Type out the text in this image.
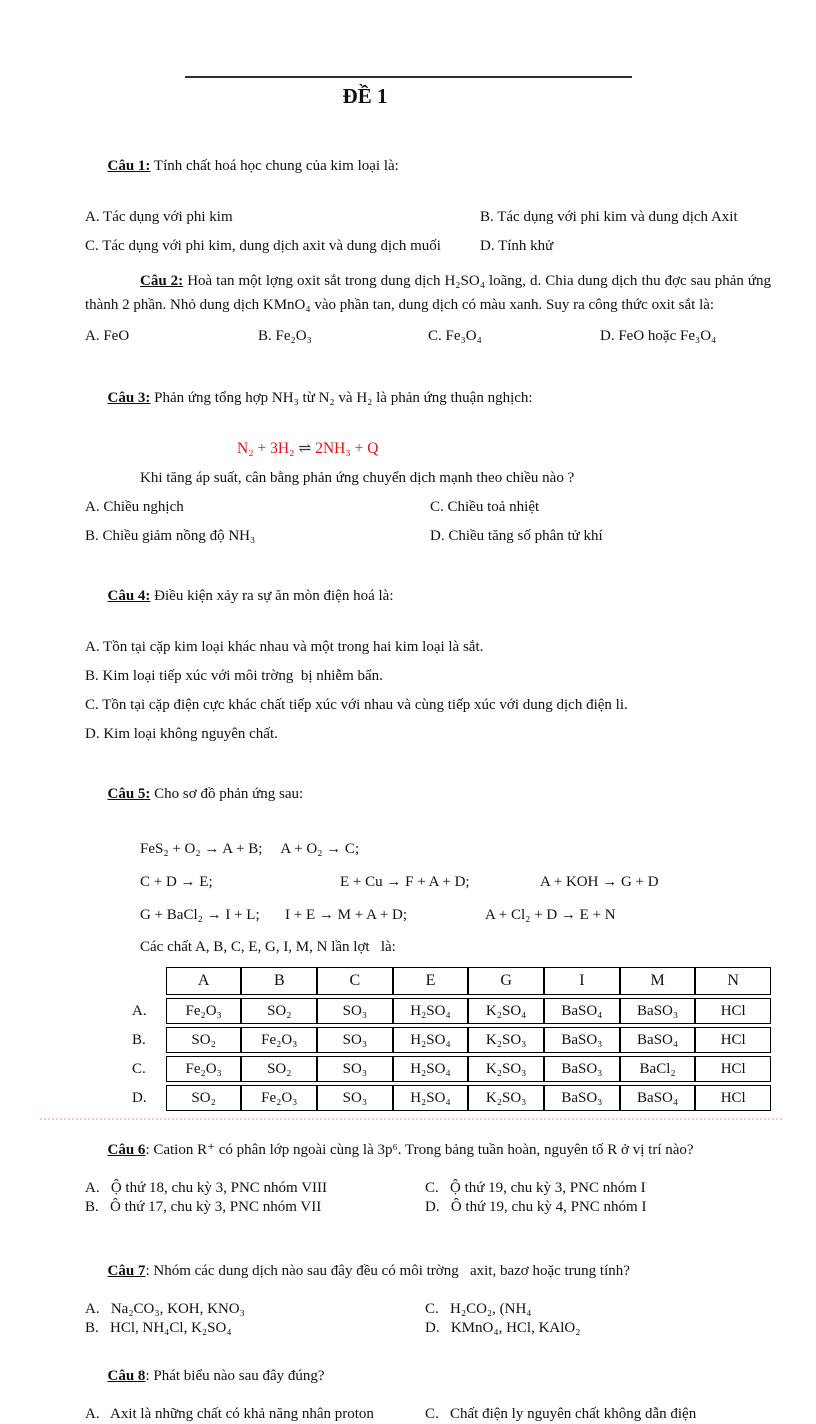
ĐỀ 1

Câu 1: Tính chất hoá học chung của kim loại là:

A. Tác dụng với phi kim	B. Tác dụng với phi kim và dung dịch Axit
C. Tác dụng với phi kim, dung dịch axit và dung dịch muối	D. Tính khử

Câu 2: Hoà tan một lợng oxit sắt trong dung dịch H₂SO₄ loãng, d. Chia dung dịch thu đợc sau phản ứng thành 2 phần. Nhỏ dung dịch KMnO₄ vào phần tan, dung dịch có màu xanh. Suy ra công thức oxit sắt là:

A. FeO	B. Fe₂O₃	C. Fe₃O₄	D. FeO hoặc Fe₃O₄

Câu 3: Phản ứng tổng hợp NH₃ từ N₂ và H₂ là phản ứng thuận nghịch:

N₂ + 3H₂ ⇌ 2NH₃ + Q

Khi tăng áp suất, cân bằng phản ứng chuyển dịch mạnh theo chiều nào ?

A. Chiều nghịch	C. Chiều toả nhiệt
B. Chiều giảm nồng độ NH₃	D. Chiều tăng số phân tử khí

Câu 4: Điều kiện xảy ra sự ăn mòn điện hoá là:

A. Tồn tại cặp kim loại khác nhau và một trong hai kim loại là sắt.
B. Kim loại tiếp xúc với môi trờng  bị nhiễm bẩn.
C. Tồn tại cặp điện cực khác chất tiếp xúc với nhau và cùng tiếp xúc với dung dịch điện li.
D. Kim loại không nguyên chất.

Câu 5: Cho sơ đồ phản ứng sau:

FeS₂ + O₂ → A + B; A + O₂ → C;
C + D → E;	E + Cu → F + A + D;	A + KOH → G + D
G + BaCl₂ → I + L;	I + E → M + A + D;	A + Cl₂ + D → E + N

Các chất A, B, C, E, G, I, M, N lần lợt   là:

	A	B	C	E	G	I	M	N
A.	Fe₂O₃	SO₂	SO₃	H₂SO₄	K₂SO₄	BaSO₄	BaSO₃	HCl
B.	SO₂	Fe₂O₃	SO₃	H₂SO₄	K₂SO₃	BaSO₃	BaSO₄	HCl
C.	Fe₂O₃	SO₂	SO₃	H₂SO₄	K₂SO₃	BaSO₃	BaCl₂	HCl
D.	SO₂	Fe₂O₃	SO₃	H₂SO₄	K₂SO₃	BaSO₃	BaSO₄	HCl

Câu 6: Cation R⁺ có phân lớp ngoài cùng là 3p⁶. Trong bảng tuần hoàn, nguyên tố R ở vị trí nào?

A.   Ộ thứ 18, chu kỳ 3, PNC nhóm VIII	C.   Ộ thứ 19, chu kỳ 3, PNC nhóm I
B.   Ô thứ 17, chu kỳ 3, PNC nhóm VII	D.   Ô thứ 19, chu kỳ 4, PNC nhóm I

Câu 7: Nhóm các dung dịch nào sau đây đều có môi trờng   axit, bazơ hoặc trung tính?

A.   Na₂CO₃, KOH, KNO₃	C.   H₂CO₂, (NH₄
B.   HCl, NH₄Cl, K₂SO₄	D.   KMnO₄, HCl, KAlO₂

Câu 8: Phát biểu nào sau đây đúng?

A.   Axit là những chất có khả năng nhân proton	C.   Chất điện ly nguyên chất không dẫn điện
